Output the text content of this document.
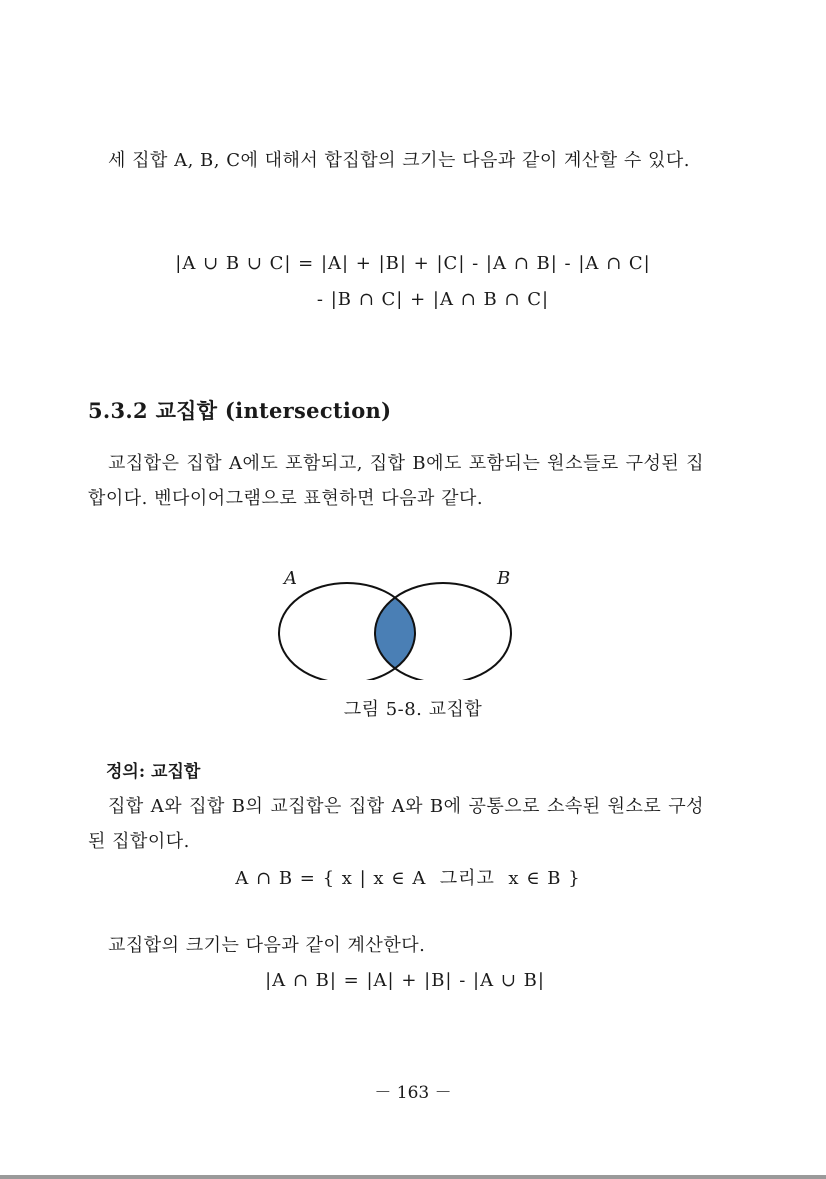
세 집합 A, B, C에 대해서 합집합의 크기는 다음과 같이 계산할 수 있다.

|A ∪ B ∪ C| = |A| + |B| + |C| - |A ∩ B| - |A ∩ C|

- |B ∩ C| + |A ∩ B ∩ C|

5.3.2 교집합 (intersection)

교집합은 집합 A에도 포함되고, 집합 B에도 포함되는 원소들로 구성된 집합이다. 벤다이어그램으로 표현하면 다음과 같다.

A	B

그림 5-8. 교집합

정의: 교집합

집합 A와 집합 B의 교집합은 집합 A와 B에 공통으로 소속된 원소로 구성된 집합이다.

A ∩ B = { x | x ∈ A  그리고  x ∈ B }

교집합의 크기는 다음과 같이 계산한다.

|A ∩ B| = |A| + |B| - |A ∪ B|

－ 163 －
